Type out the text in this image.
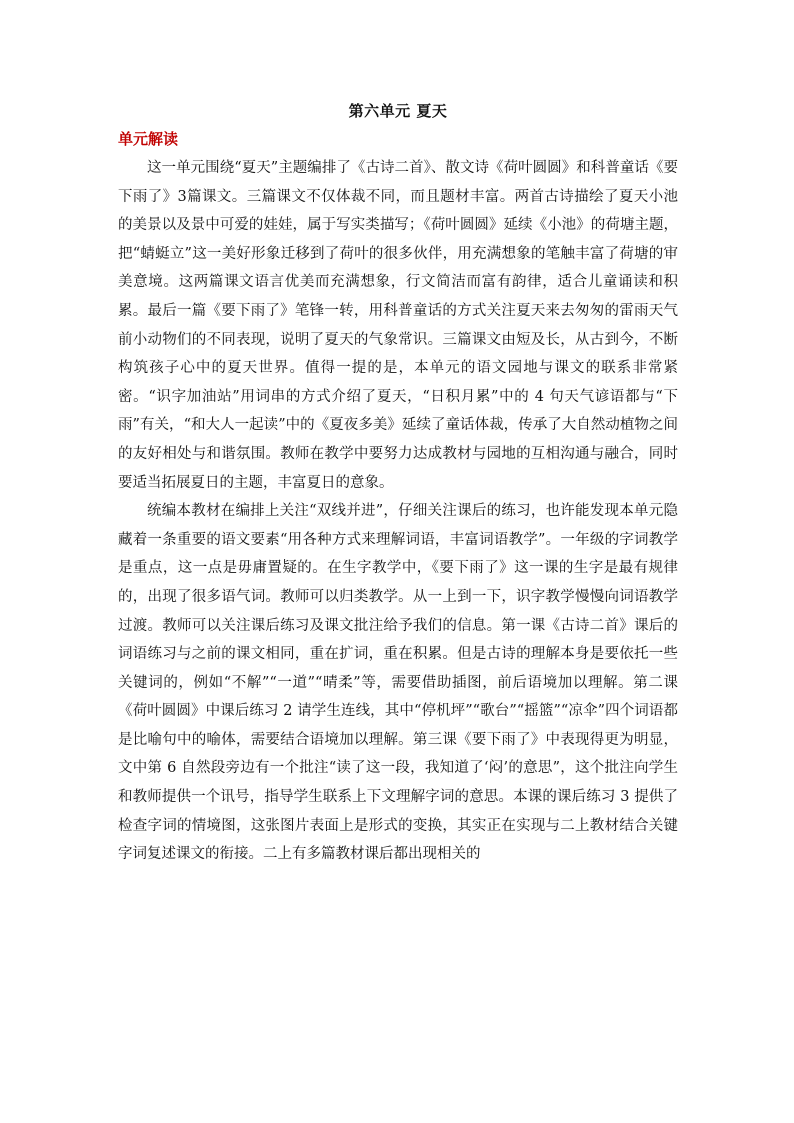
第六单元 夏天
单元解读

这一单元围绕“夏天”主题编排了《古诗二首》、散文诗《荷叶圆圆》和科普童话《要下雨了》3篇课文。三篇课文不仅体裁不同，而且题材丰富。两首古诗描绘了夏天小池的美景以及景中可爱的娃娃，属于写实类描写；《荷叶圆圆》延续《小池》的荷塘主题，把“蜻蜓立”这一美好形象迁移到了荷叶的很多伙伴，用充满想象的笔触丰富了荷塘的审美意境。这两篇课文语言优美而充满想象，行文简洁而富有韵律，适合儿童诵读和积累。最后一篇《要下雨了》笔锋一转，用科普童话的方式关注夏天来去匆匆的雷雨天气前小动物们的不同表现，说明了夏天的气象常识。三篇课文由短及长，从古到今，不断构筑孩子心中的夏天世界。值得一提的是，本单元的语文园地与课文的联系非常紧密。“识字加油站”用词串的方式介绍了夏天，“日积月累”中的 4 句天气谚语都与“下雨”有关，“和大人一起读”中的《夏夜多美》延续了童话体裁，传承了大自然动植物之间的友好相处与和谐氛围。教师在教学中要努力达成教材与园地的互相沟通与融合，同时要适当拓展夏日的主题，丰富夏日的意象。

统编本教材在编排上关注“双线并进”，仔细关注课后的练习，也许能发现本单元隐藏着一条重要的语文要素“用各种方式来理解词语，丰富词语教学”。一年级的字词教学是重点，这一点是毋庸置疑的。在生字教学中，《要下雨了》这一课的生字是最有规律的，出现了很多语气词。教师可以归类教学。从一上到一下，识字教学慢慢向词语教学过渡。教师可以关注课后练习及课文批注给予我们的信息。第一课《古诗二首》课后的词语练习与之前的课文相同，重在扩词，重在积累。但是古诗的理解本身是要依托一些关键词的，例如“不解”“一道”“晴柔”等，需要借助插图，前后语境加以理解。第二课《荷叶圆圆》中课后练习 2 请学生连线，其中“停机坪”“歌台”“摇篮”“凉伞”四个词语都是比喻句中的喻体，需要结合语境加以理解。第三课《要下雨了》中表现得更为明显，文中第 6 自然段旁边有一个批注“读了这一段，我知道了‘闷’的意思”，这个批注向学生和教师提供一个讯号，指导学生联系上下文理解字词的意思。本课的课后练习 3 提供了检查字词的情境图，这张图片表面上是形式的变换，其实正在实现与二上教材结合关键字词复述课文的衔接。二上有多篇教材课后都出现相关的
